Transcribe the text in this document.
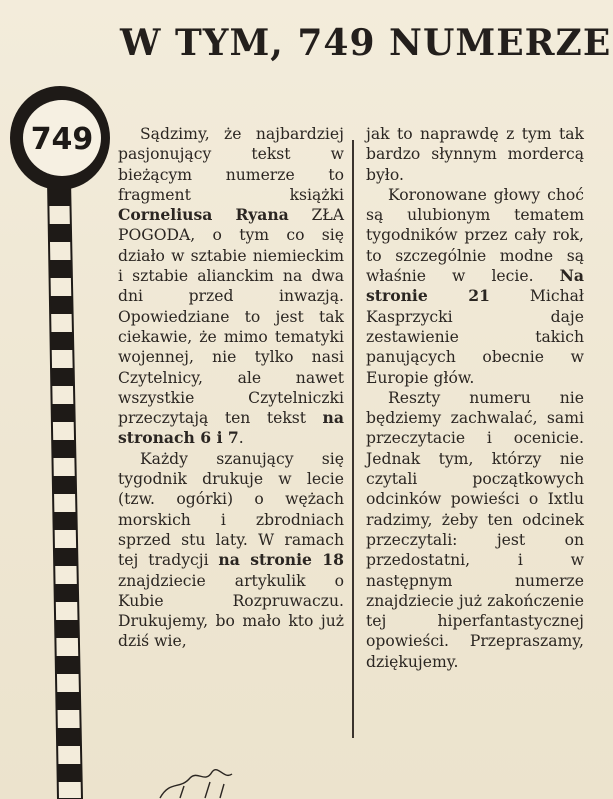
W TYM, 749 NUMERZE
749	Sądzimy, że najbardziej pasjonujący tekst w bieżącym numerze to fragment książki Corneliusa Ryana ZŁA POGODA, o tym co się działo w sztabie niemieckim i sztabie alianckim na dwa dni przed inwazją. Opowiedziane to jest tak ciekawie, że mimo tematyki wojennej, nie tylko nasi Czytelnicy, ale nawet wszystkie Czytelniczki przeczytają ten tekst na stronach 6 i 7.

Każdy szanujący się tygodnik drukuje w lecie (tzw. ogórki) o wężach morskich i zbrodniach sprzed stu laty. W ramach tej tradycji na stronie 18 znajdziecie artykulik o Kubie Rozpruwaczu. Drukujemy, bo mało kto już dziś wie,

jak to naprawdę z tym tak bardzo słynnym mordercą było.

Koronowane głowy choć są ulubionym tematem tygodników przez cały rok, to szczególnie modne są właśnie w lecie. Na stronie 21 Michał Kasprzycki daje zestawienie takich panujących obecnie w Europie głów.

Reszty numeru nie będziemy zachwalać, sami przeczytacie i ocenicie. Jednak tym, którzy nie czytali początkowych odcinków powieści o Ixtlu radzimy, żeby ten odcinek przeczytali: jest on przedostatni, i w następnym numerze znajdziecie już zakończenie tej hiperfantastycznej opowieści. Przepraszamy, dziękujemy.
